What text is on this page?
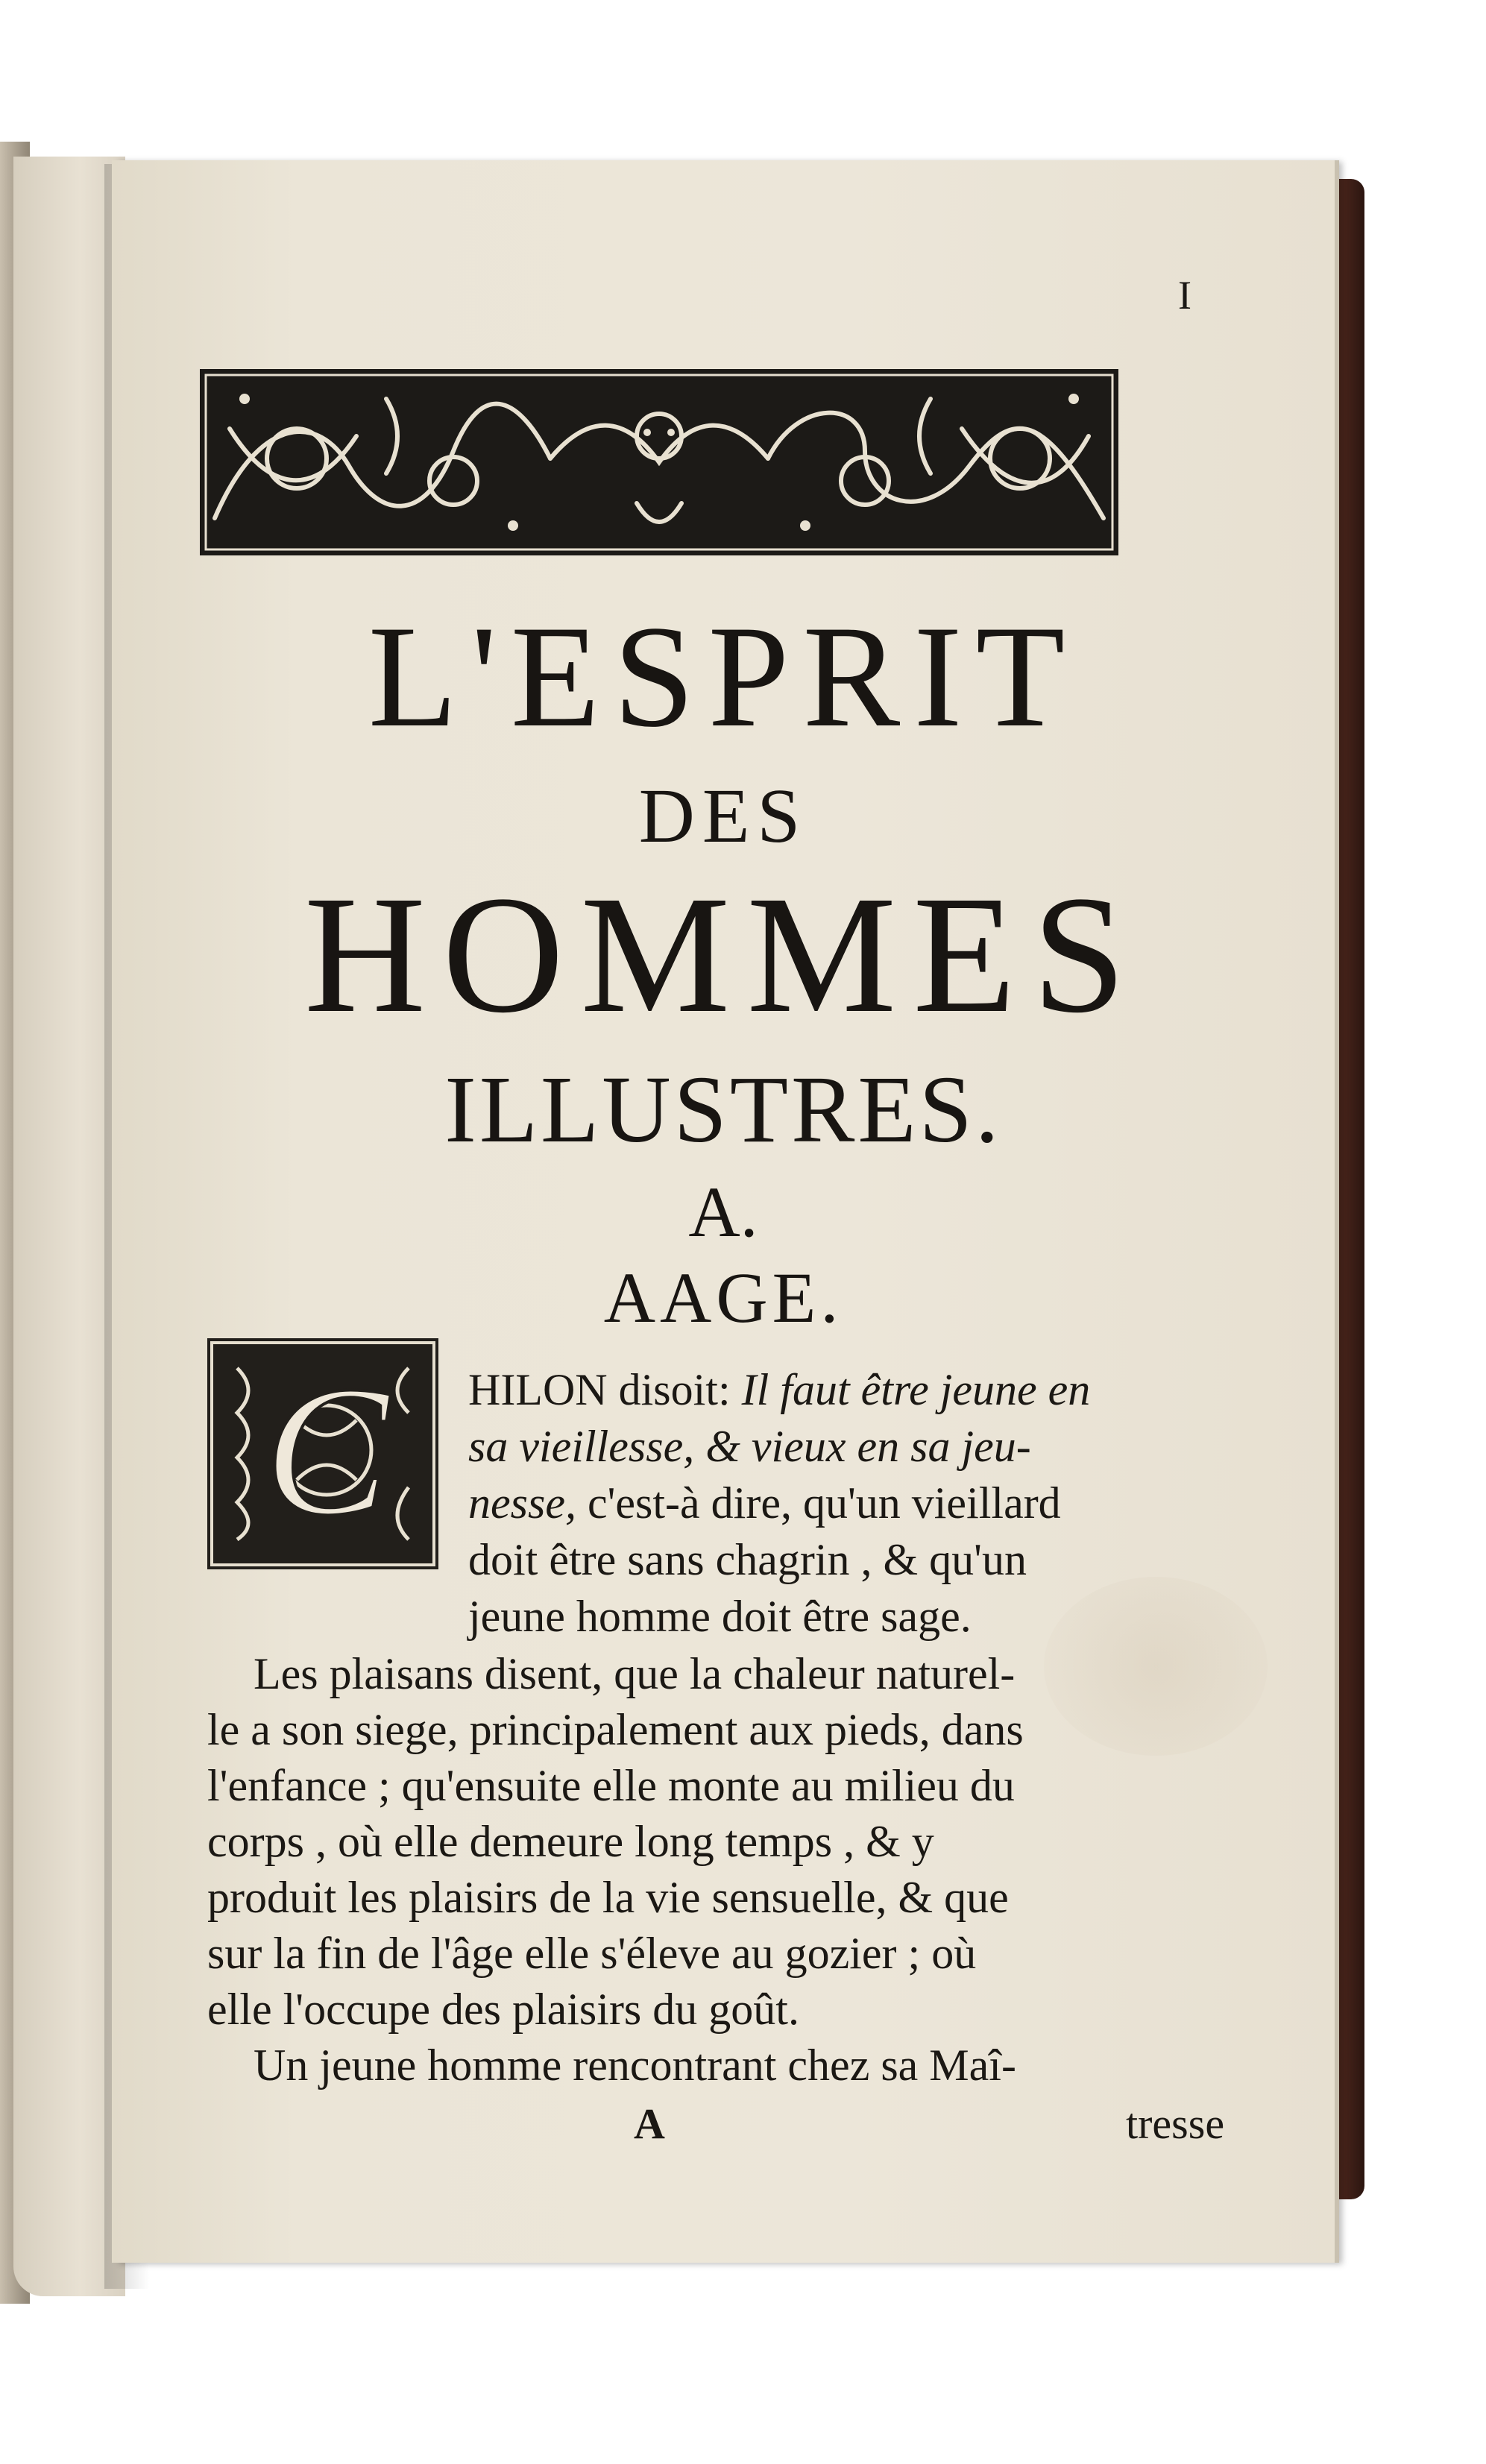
I
L'ESPRIT
DES
HOMMES
ILLUSTRES.
A.
AAGE.
C HILON disoit: Il faut être jeune en
sa vieillesse, & vieux en sa jeu-
nesse, c'est-à dire, qu'un vieillard
doit être sans chagrin , & qu'un
jeune homme doit être sage.
Les plaisans disent, que la chaleur naturel-
le a son siege, principalement aux pieds, dans
l'enfance ; qu'ensuite elle monte au milieu du
corps , où elle demeure long temps , & y
produit les plaisirs de la vie sensuelle, & que
sur la fin de l'âge elle s'éleve au gozier ; où
elle l'occupe des plaisirs du goût.
Un jeune homme rencontrant chez sa Maî-
A	tresse
